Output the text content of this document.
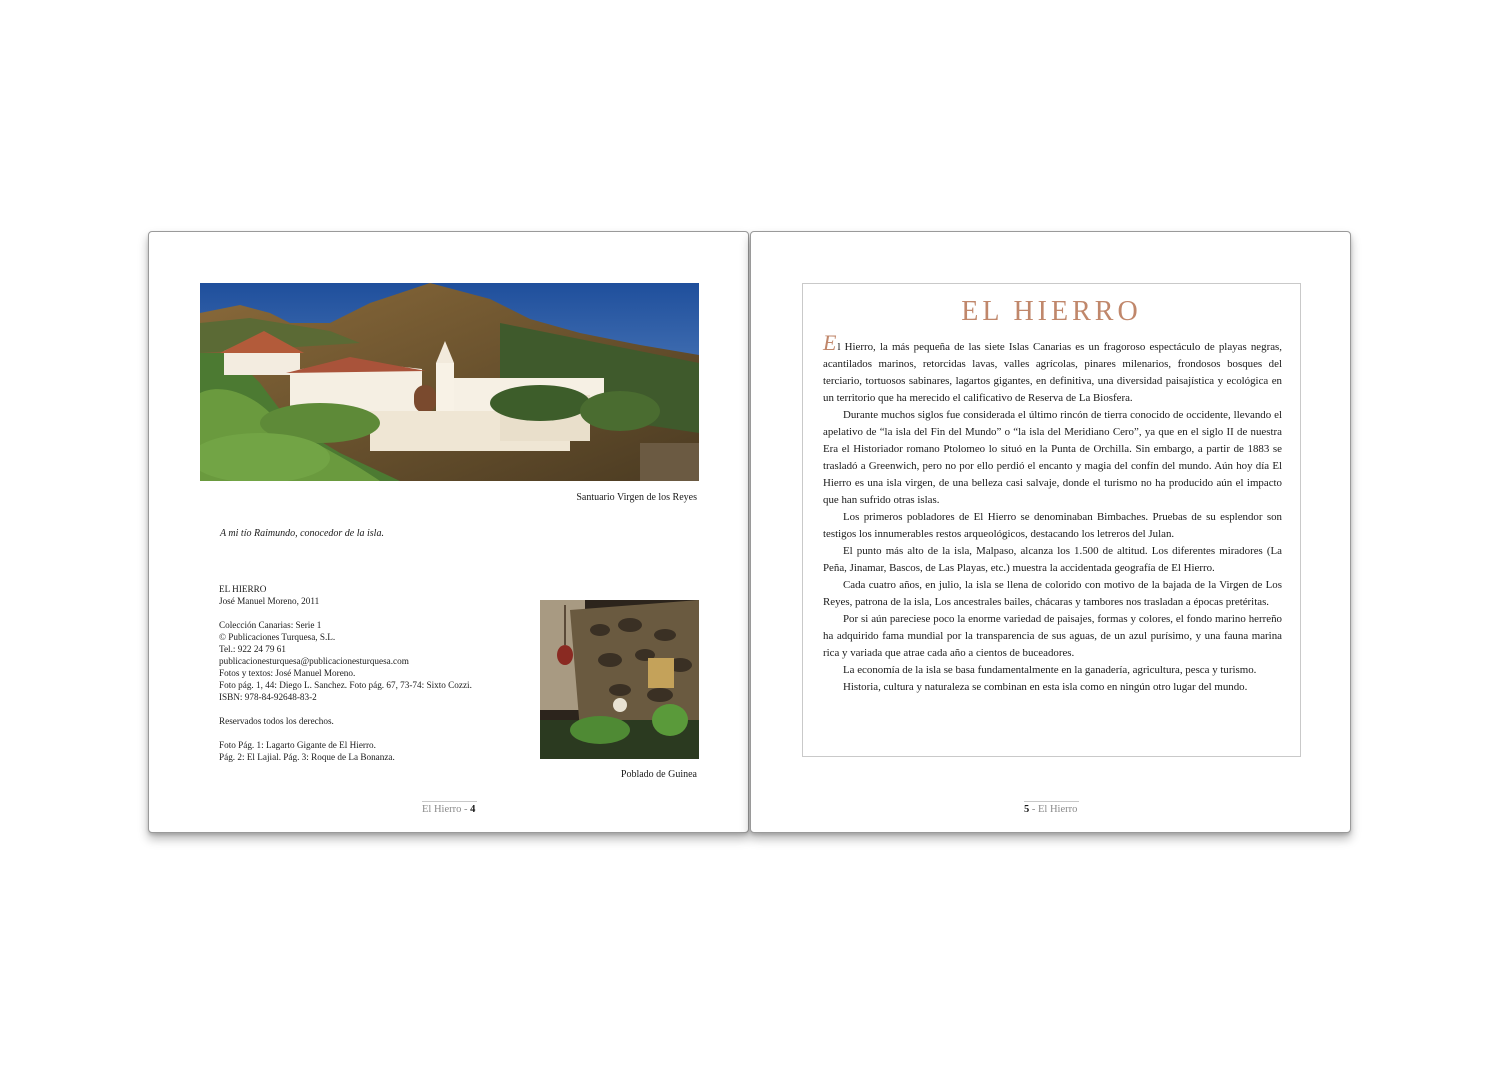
Santuario Virgen de los Reyes
A mi tío Raimundo, conocedor de la isla.
EL HIERRO
José Manuel Moreno, 2011
Colección Canarias: Serie 1
© Publicaciones Turquesa, S.L.
Tel.: 922 24 79 61
publicacionesturquesa@publicacionesturquesa.com
Fotos y textos: José Manuel Moreno.
Foto pág. 1, 44: Diego L. Sanchez. Foto pág. 67, 73-74: Sixto Cozzi.
ISBN: 978-84-92648-83-2
Reservados todos los derechos.
Foto Pág. 1: Lagarto Gigante de El Hierro.
Pág. 2: El Lajial. Pág. 3: Roque de La Bonanza.
Poblado de Guinea
El Hierro - 4
EL HIERRO

El Hierro, la más pequeña de las siete Islas Canarias es un fragoroso espectáculo de playas negras, acantilados marinos, retorcidas lavas, valles agrícolas, pinares milenarios, frondosos bosques del terciario, tortuosos sabinares, lagartos gigantes, en definitiva, una diversidad paisajística y ecológica en un territorio que ha merecido el calificativo de Reserva de La Biosfera.

Durante muchos siglos fue considerada el último rincón de tierra conocido de occidente, llevando el apelativo de “la isla del Fin del Mundo” o “la isla del Meridiano Cero”, ya que en el siglo II de nuestra Era el Historiador romano Ptolomeo lo situó en la Punta de Orchilla. Sin embargo, a partir de 1883 se trasladó a Greenwich, pero no por ello perdió el encanto y magia del confín del mundo. Aún hoy día El Hierro es una isla virgen, de una belleza casi salvaje, donde el turismo no ha producido aún el impacto que han sufrido otras islas.

Los primeros pobladores de El Hierro se denominaban Bimbaches. Pruebas de su esplendor son testigos los innumerables restos arqueológicos, destacando los letreros del Julan.

El punto más alto de la isla, Malpaso, alcanza los 1.500 de altitud. Los diferentes miradores (La Peña, Jinamar, Bascos, de Las Playas, etc.) muestra la accidentada geografía de El Hierro.

Cada cuatro años, en julio, la isla se llena de colorido con motivo de la bajada de la Virgen de Los Reyes, patrona de la isla, Los ancestrales bailes, chácaras y tambores nos trasladan a épocas pretéritas.

Por si aún pareciese poco la enorme variedad de paisajes, formas y colores, el fondo marino herreño ha adquirido fama mundial por la transparencia de sus aguas, de un azul purísimo, y una fauna marina rica y variada que atrae cada año a cientos de buceadores.

La economía de la isla se basa fundamentalmente en la ganadería, agricultura, pesca y turismo.

Historia, cultura y naturaleza se combinan en esta isla como en ningún otro lugar del mundo.

5 - El Hierro
